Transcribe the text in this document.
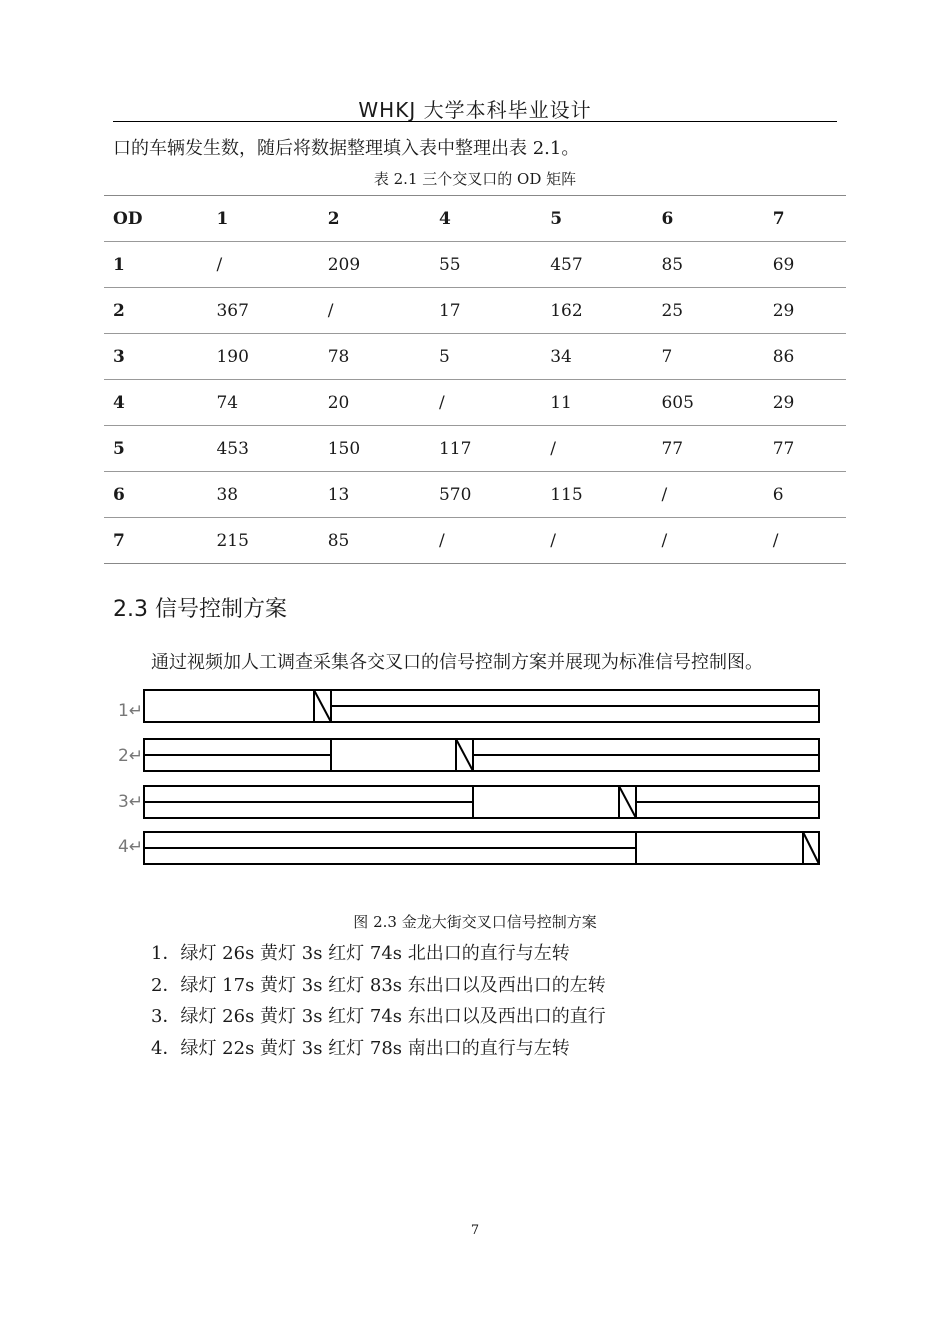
WHKJ 大学本科毕业设计
口的车辆发生数，随后将数据整理填入表中整理出表 2.1。
表 2.1 三个交叉口的 OD 矩阵
OD	1	2	4	5	6	7
1	/	209	55	457	85	69
2	367	/	17	162	25	29
3	190	78	5	34	7	86
4	74	20	/	11	605	29
5	453	150	117	/	77	77
6	38	13	570	115	/	6
7	215	85	/	/	/	/
2.3 信号控制方案
通过视频加人工调查采集各交叉口的信号控制方案并展现为标准信号控制图。
1↵
2↵
3↵
4↵
图 2.3 金龙大街交叉口信号控制方案
1．绿灯 26s 黄灯 3s 红灯 74s 北出口的直行与左转
2．绿灯 17s 黄灯 3s 红灯 83s 东出口以及西出口的左转
3．绿灯 26s 黄灯 3s 红灯 74s 东出口以及西出口的直行
4．绿灯 22s 黄灯 3s 红灯 78s 南出口的直行与左转
7
